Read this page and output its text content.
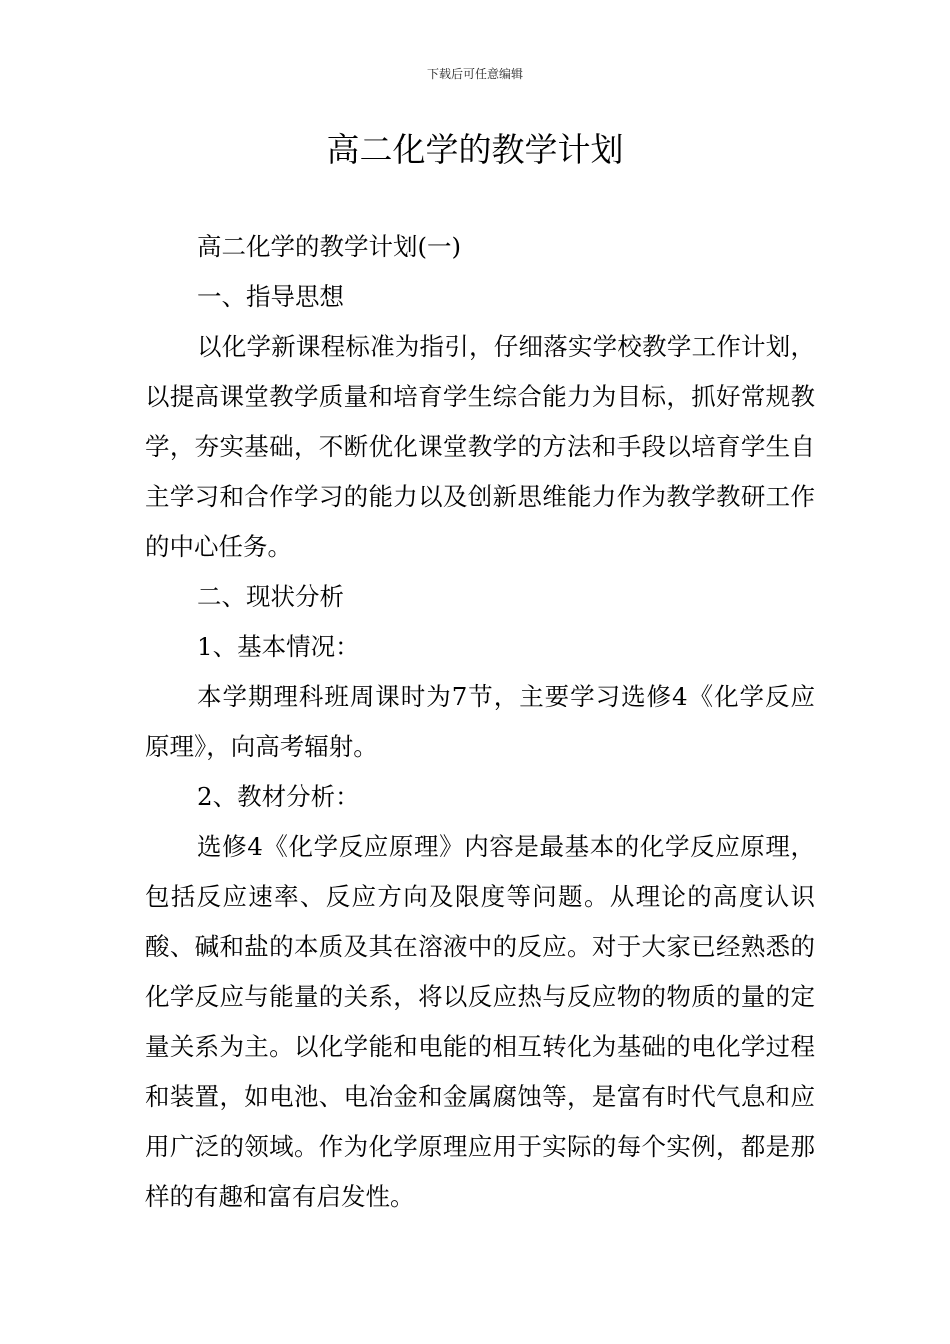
下载后可任意编辑
高二化学的教学计划

高二化学的教学计划(一)

一、指导思想

以化学新课程标准为指引，仔细落实学校教学工作计划，以提高课堂教学质量和培育学生综合能力为目标，抓好常规教学，夯实基础，不断优化课堂教学的方法和手段以培育学生自主学习和合作学习的能力以及创新思维能力作为教学教研工作的中心任务。

二、现状分析

1、基本情况：

本学期理科班周课时为7节，主要学习选修4《化学反应原理》，向高考辐射。

2、教材分析：

选修4《化学反应原理》内容是最基本的化学反应原理，包括反应速率、反应方向及限度等问题。从理论的高度认识酸、碱和盐的本质及其在溶液中的反应。对于大家已经熟悉的化学反应与能量的关系，将以反应热与反应物的物质的量的定量关系为主。以化学能和电能的相互转化为基础的电化学过程和装置，如电池、电冶金和金属腐蚀等，是富有时代气息和应用广泛的领域。作为化学原理应用于实际的每个实例，都是那样的有趣和富有启发性。
